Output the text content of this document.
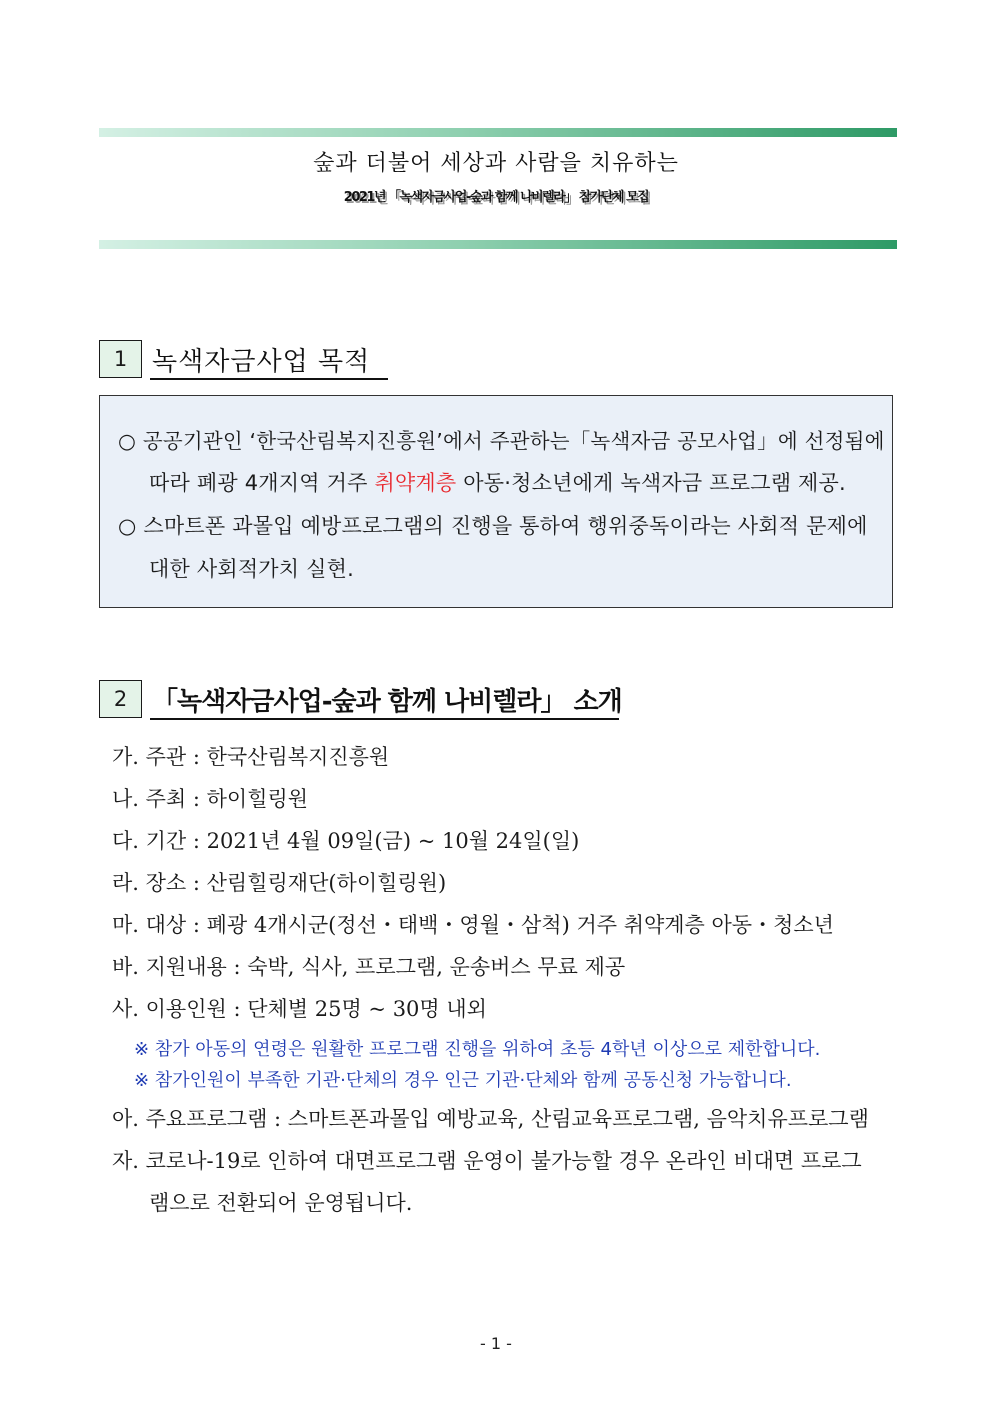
숲과 더불어 세상과 사람을 치유하는
2021년 「녹색자금사업-숲과 함께 나비렐라」 참가단체 모집
1 녹색자금사업 목적
○ 공공기관인 ‘한국산림복지진흥원’에서 주관하는「녹색자금 공모사업」에 선정됨에
따라 폐광 4개지역 거주 취약계층 아동·청소년에게 녹색자금 프로그램 제공.
○ 스마트폰 과몰입 예방프로그램의 진행을 통하여 행위중독이라는 사회적 문제에
대한 사회적가치 실현.
2 「녹색자금사업-숲과 함께 나비렐라」 소개
가. 주관 : 한국산림복지진흥원
나. 주최 : 하이힐링원
다. 기간 : 2021년 4월 09일(금) ~ 10월 24일(일)
라. 장소 : 산림힐링재단(하이힐링원)
마. 대상 : 폐광 4개시군(정선・태백・영월・삼척) 거주 취약계층 아동・청소년
바. 지원내용 : 숙박, 식사, 프로그램, 운송버스 무료 제공
사. 이용인원 : 단체별 25명 ~ 30명 내외
※ 참가 아동의 연령은 원활한 프로그램 진행을 위하여 초등 4학년 이상으로 제한합니다.
※ 참가인원이 부족한 기관·단체의 경우 인근 기관·단체와 함께 공동신청 가능합니다.
아. 주요프로그램 : 스마트폰과몰입 예방교육, 산림교육프로그램, 음악치유프로그램
자. 코로나-19로 인하여 대면프로그램 운영이 불가능할 경우 온라인 비대면 프로그
램으로 전환되어 운영됩니다.
- 1 -
